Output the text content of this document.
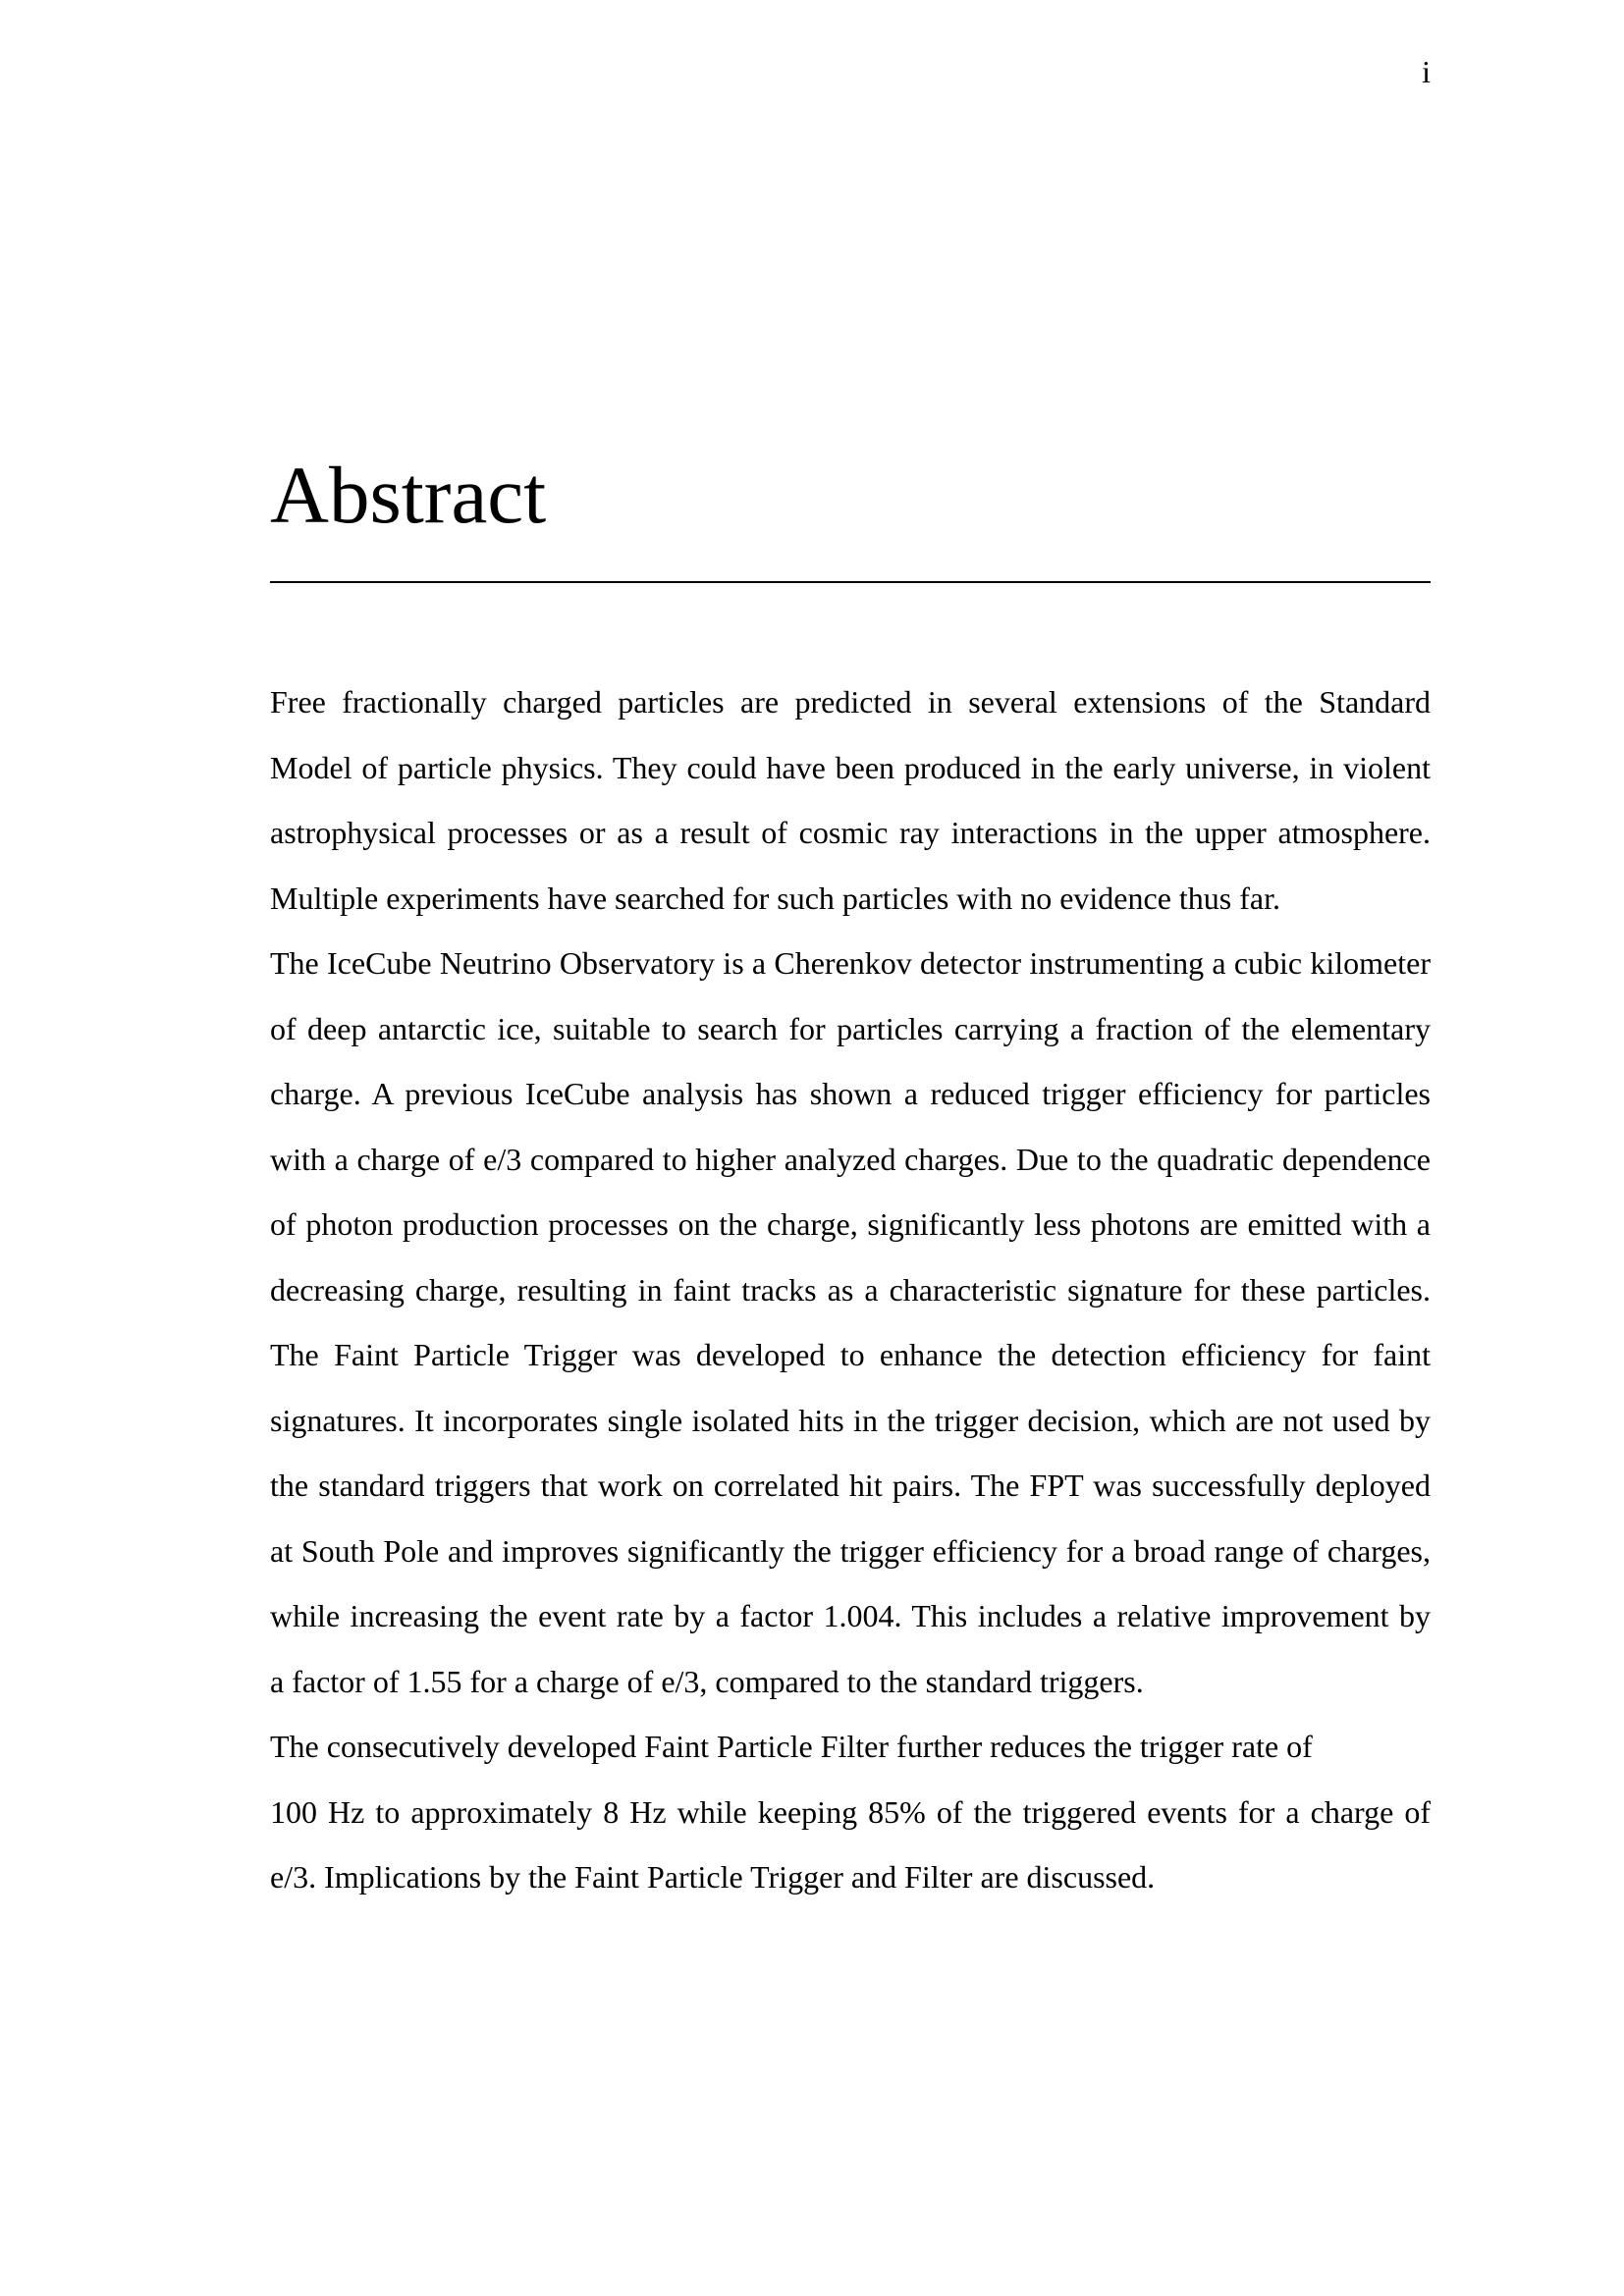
i
Abstract
Free fractionally charged particles are predicted in several extensions of the Standard
Model of particle physics. They could have been produced in the early universe, in violent
astrophysical processes or as a result of cosmic ray interactions in the upper atmosphere.
Multiple experiments have searched for such particles with no evidence thus far.
The IceCube Neutrino Observatory is a Cherenkov detector instrumenting a cubic kilometer
of deep antarctic ice, suitable to search for particles carrying a fraction of the elementary
charge. A previous IceCube analysis has shown a reduced trigger efficiency for particles
with a charge of e/3 compared to higher analyzed charges. Due to the quadratic dependence
of photon production processes on the charge, significantly less photons are emitted with a
decreasing charge, resulting in faint tracks as a characteristic signature for these particles.
The Faint Particle Trigger was developed to enhance the detection efficiency for faint
signatures. It incorporates single isolated hits in the trigger decision, which are not used by
the standard triggers that work on correlated hit pairs. The FPT was successfully deployed
at South Pole and improves significantly the trigger efficiency for a broad range of charges,
while increasing the event rate by a factor 1.004. This includes a relative improvement by
a factor of 1.55 for a charge of e/3, compared to the standard triggers.
The consecutively developed Faint Particle Filter further reduces the trigger rate of
100 Hz to approximately 8 Hz while keeping 85% of the triggered events for a charge of
e/3. Implications by the Faint Particle Trigger and Filter are discussed.
